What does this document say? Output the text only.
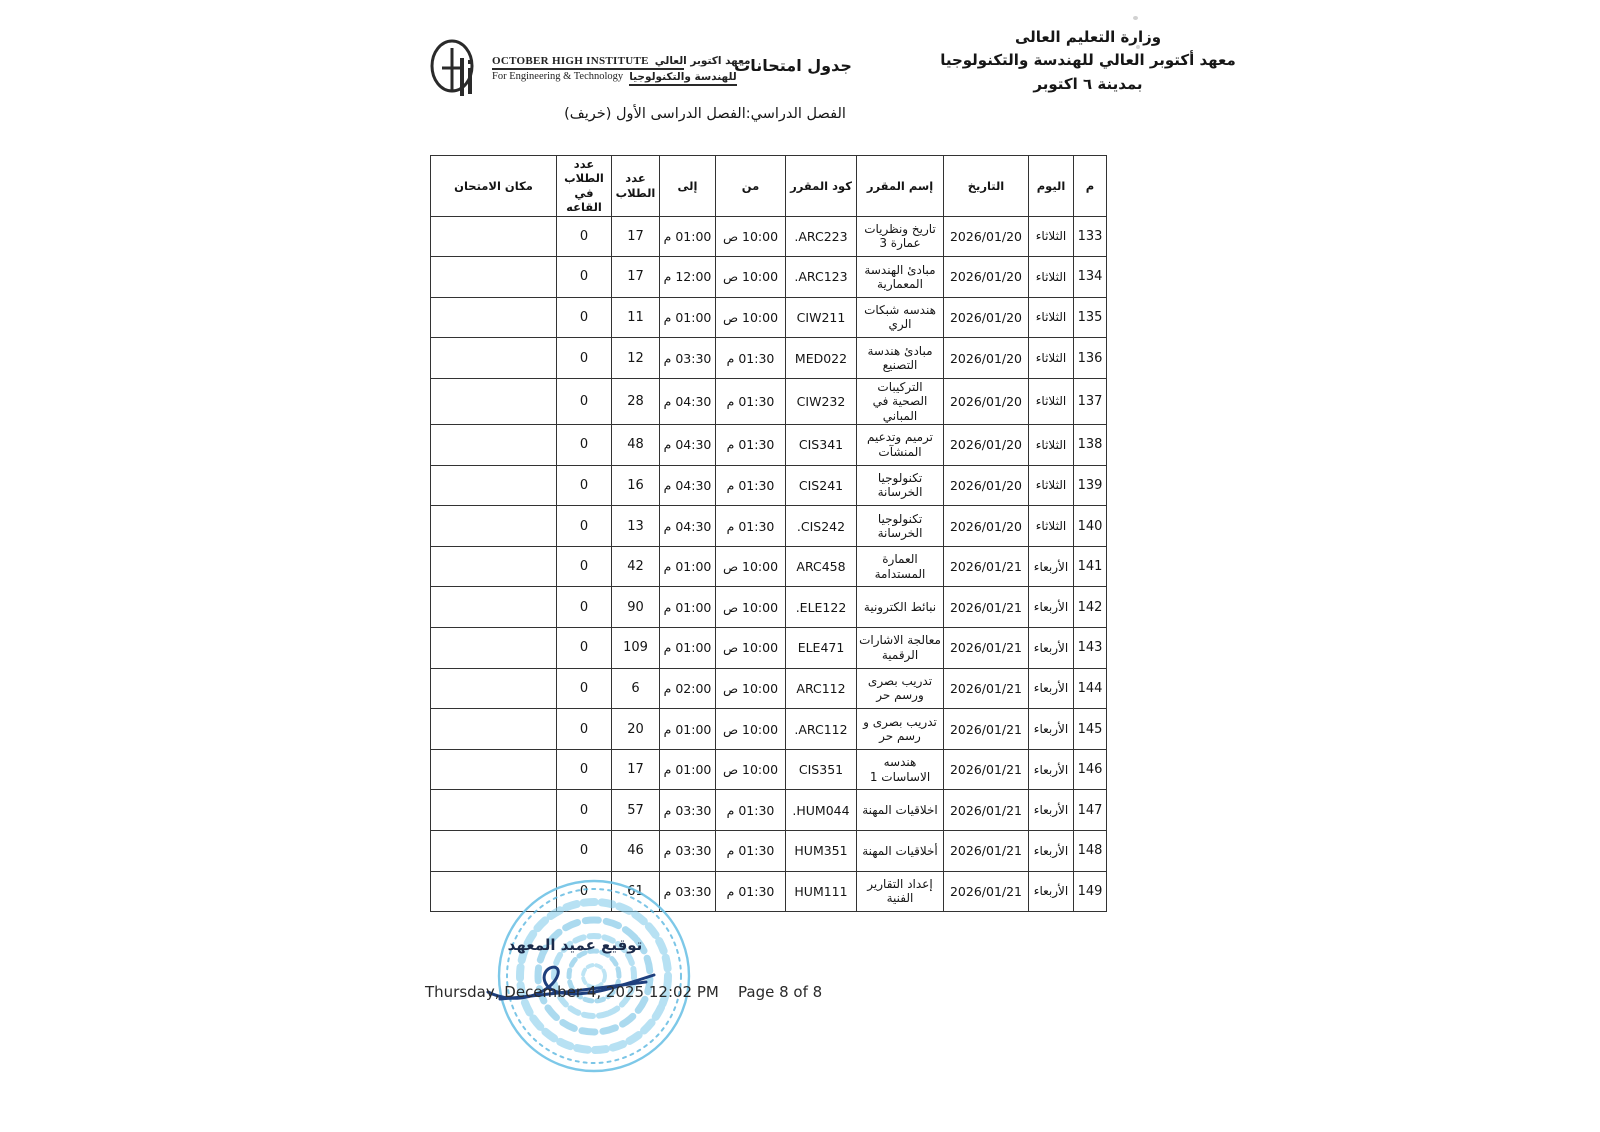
وزارة التعليم العالى
معهد أكتوبر العالي للهندسة والتكنولوجيا
بمدينة ٦ اكتوبر
جدول امتحانات
الفصل الدراسي:الفصل الدراسى الأول (خريف)
OCTOBER HIGH INSTITUTE معهد اكتوبر العالي
For Engineering & Technology للهندسة والتكنولوجيا
م	اليوم	التاريخ	إسم المقرر	كود المقرر	من	إلى	عدد الطلاب	عدد الطلاب في القاعه	مكان الامتحان
133	الثلاثاء	2026/01/20	تاريخ ونظريات عمارة 3	.ARC223	10:00 ص	01:00 م	17	0	
134	الثلاثاء	2026/01/20	مبادئ الهندسة المعمارية	.ARC123	10:00 ص	12:00 م	17	0	
135	الثلاثاء	2026/01/20	هندسه شبكات الري	CIW211	10:00 ص	01:00 م	11	0	
136	الثلاثاء	2026/01/20	مبادئ هندسة التصنيع	MED022	01:30 م	03:30 م	12	0	
137	الثلاثاء	2026/01/20	التركيبات الصحية في المباني	CIW232	01:30 م	04:30 م	28	0	
138	الثلاثاء	2026/01/20	ترميم وتدعيم المنشآت	CIS341	01:30 م	04:30 م	48	0	
139	الثلاثاء	2026/01/20	تكنولوجيا الخرسانة	CIS241	01:30 م	04:30 م	16	0	
140	الثلاثاء	2026/01/20	تكنولوجيا الخرسانة	.CIS242	01:30 م	04:30 م	13	0	
141	الأربعاء	2026/01/21	العمارة المستدامة	ARC458	10:00 ص	01:00 م	42	0	
142	الأربعاء	2026/01/21	نبائط الكترونية	.ELE122	10:00 ص	01:00 م	90	0	
143	الأربعاء	2026/01/21	معالجة الاشارات الرقمية	ELE471	10:00 ص	01:00 م	109	0	
144	الأربعاء	2026/01/21	تدريب بصرى ورسم حر	ARC112	10:00 ص	02:00 م	6	0	
145	الأربعاء	2026/01/21	تدريب بصرى و رسم حر	.ARC112	10:00 ص	01:00 م	20	0	
146	الأربعاء	2026/01/21	هندسه الاساسات 1	CIS351	10:00 ص	01:00 م	17	0	
147	الأربعاء	2026/01/21	اخلاقيات المهنة	.HUM044	01:30 م	03:30 م	57	0	
148	الأربعاء	2026/01/21	أخلاقيات المهنة	HUM351	01:30 م	03:30 م	46	0	
149	الأربعاء	2026/01/21	إعداد التقارير الفنية	HUM111	01:30 م	03:30 م	61	0	
توقيع عميد المعهد
Thursday, December 4, 2025 12:02 PM Page 8 of 8
